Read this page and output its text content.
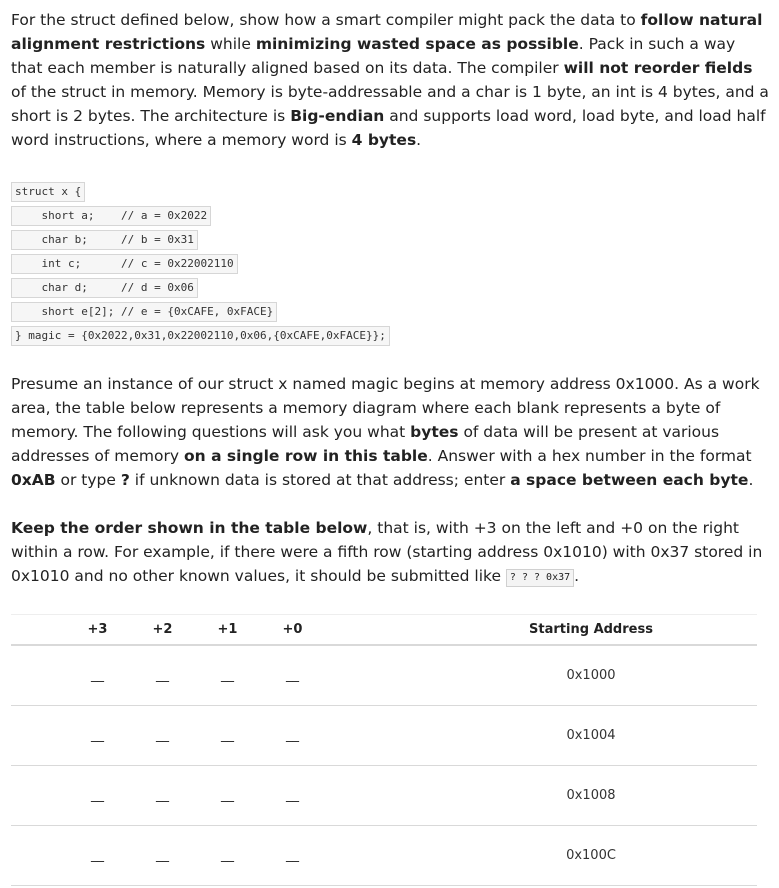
For the struct defined below, show how a smart compiler might pack the data to follow natural alignment restrictions while minimizing wasted space as possible. Pack in such a way that each member is naturally aligned based on its data. The compiler will not reorder fields of the struct in memory. Memory is byte-addressable and a char is 1 byte, an int is 4 bytes, and a short is 2 bytes. The architecture is Big-endian and supports load word, load byte, and load half word instructions, where a memory word is 4 bytes.

struct x {
short a; // a = 0x2022
char b;	// b = 0x31
int c;	// c = 0x22002110
char d;	// d = 0x06
short e[2]; // e = {0xCAFE, 0xFACE}
} magic = {0x2022,0x31,0x22002110,0x06,{0xCAFE,0xFACE}};

Presume an instance of our struct x named magic begins at memory address 0x1000. As a work area, the table below represents a memory diagram where each blank represents a byte of memory. The following questions will ask you what bytes of data will be present at various addresses of memory on a single row in this table. Answer with a hex number in the format 0xAB or type ? if unknown data is stored at that address; enter a space between each byte.

Keep the order shown in the table below, that is, with +3 on the left and +0 on the right within a row. For example, if there were a fifth row (starting address 0x1010) with 0x37 stored in 0x1010 and no other known values, it should be submitted like ? ? ? 0x37 .

+3	+2	+1	+0	Starting Address
__	__	__	__	0x1000
__	__	__	__	0x1004
__	__	__	__	0x1008
__	__	__	__	0x100C
